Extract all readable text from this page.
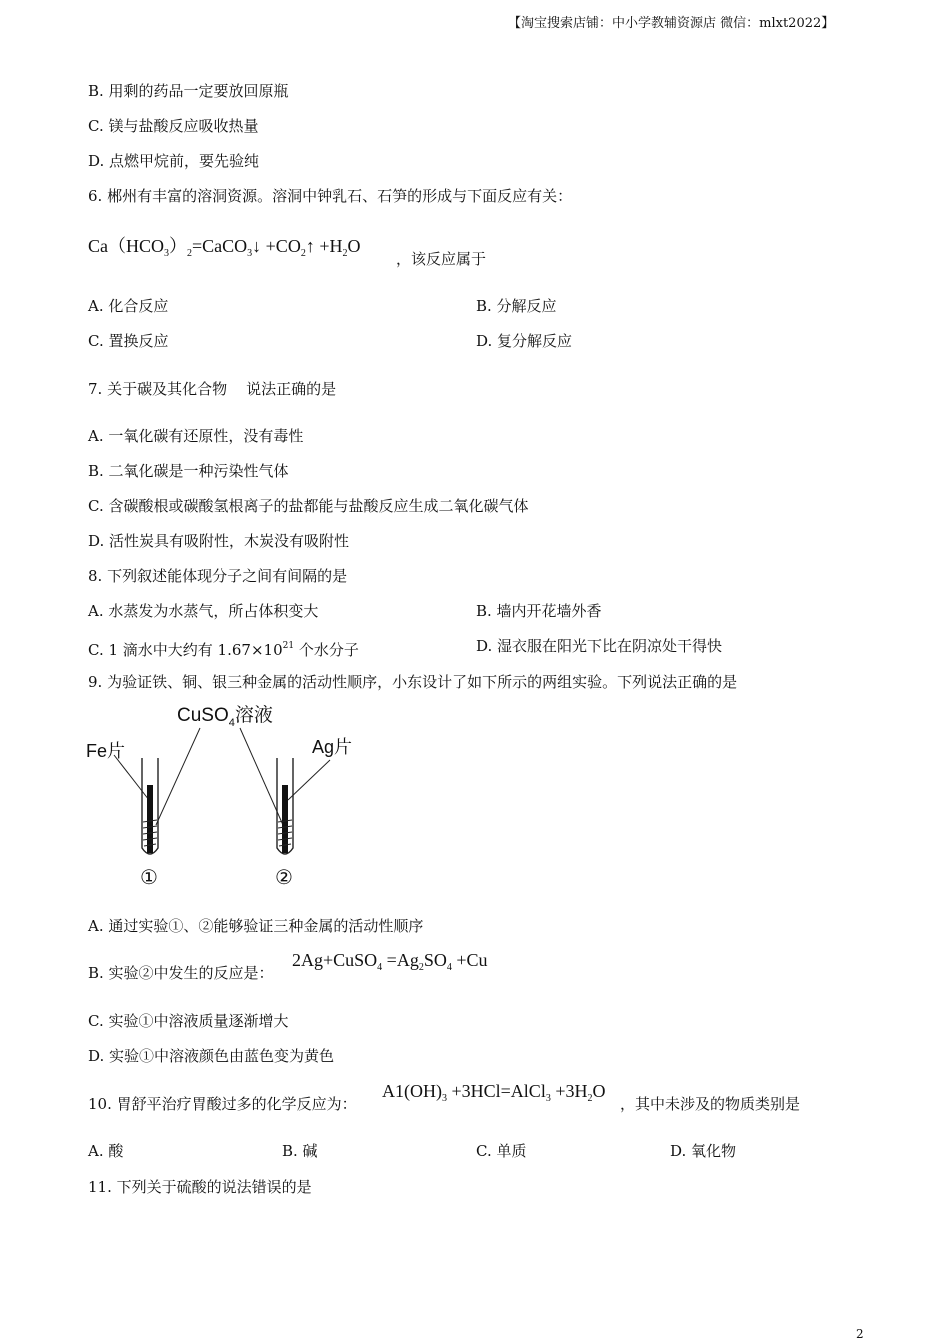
【淘宝搜索店铺：中小学教辅资源店 微信：mlxt2022】
B. 用剩的药品一定要放回原瓶
C. 镁与盐酸反应吸收热量
D. 点燃甲烷前，要先验纯
6. 郴州有丰富的溶洞资源。溶洞中钟乳石、石笋的形成与下面反应有关：
$Ca(HCO_3)_2=CaCO_3↓$ $+CO_2↑ +H_2O$
，该反应属于
A. 化合反应	B. 分解反应
C. 置换反应	D. 复分解反应
7. 关于碳及其化合物    说法正确的是
A. 一氧化碳有还原性，没有毒性
B. 二氧化碳是一种污染性气体
C. 含碳酸根或碳酸氢根离子的盐都能与盐酸反应生成二氧化碳气体
D. 活性炭具有吸附性，木炭没有吸附性
8. 下列叙述能体现分子之间有间隔的是
A. 水蒸发为水蒸气，所占体积变大	B. 墙内开花墙外香
C. 1 滴水中大约有 $1.67\times 10^{21}$ 个水分子	D. 湿衣服在阳光下比在阴凉处干得快
9. 为验证铁、铜、银三种金属的活动性顺序，小东设计了如下所示的两组实验。下列说法正确的是
CuSO$_4$溶液
Fe片	Ag片
①	②
A. 通过实验①、②能够验证三种金属的活动性顺序
B. 实验②中发生的反应是：
2Ag+CuSO$_4$ $=Ag_2SO_4 +Cu$
C. 实验①中溶液质量逐渐增大
D. 实验①中溶液颜色由蓝色变为黄色
10. 胃舒平治疗胃酸过多的化学反应为：
$A1(OH)_3$ +3HCl=AlCl$_3$ $+3H_2O$
，其中未涉及的物质类别是
A. 酸	B. 碱	C. 单质	D. 氧化物
11. 下列关于硫酸的说法错误的是
2
